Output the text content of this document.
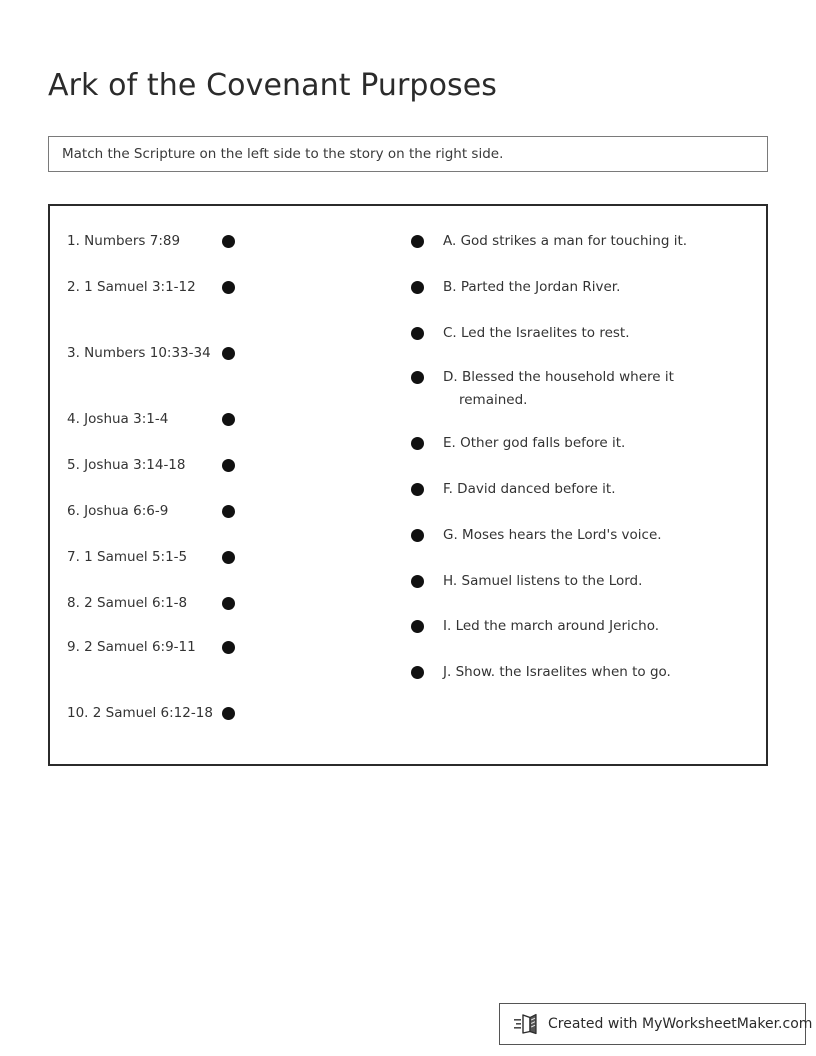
Ark of the Covenant Purposes
Match the Scripture on the left side to the story on the right side.
1. Numbers 7:89
2. 1 Samuel 3:1-12
3. Numbers 10:33-34
4. Joshua 3:1-4
5. Joshua 3:14-18
6. Joshua 6:6-9
7. 1 Samuel 5:1-5
8. 2 Samuel 6:1-8
9. 2 Samuel 6:9-11
10. 2 Samuel 6:12-18
A. God strikes a man for touching it.
B. Parted the Jordan River.
C. Led the Israelites to rest.
D. Blessed the household where it remained.
E. Other god falls before it.
F. David danced before it.
G. Moses hears the Lord's voice.
H. Samuel listens to the Lord.
I. Led the march around Jericho.
J. Show. the Israelites when to go.
Created with MyWorksheetMaker.com
